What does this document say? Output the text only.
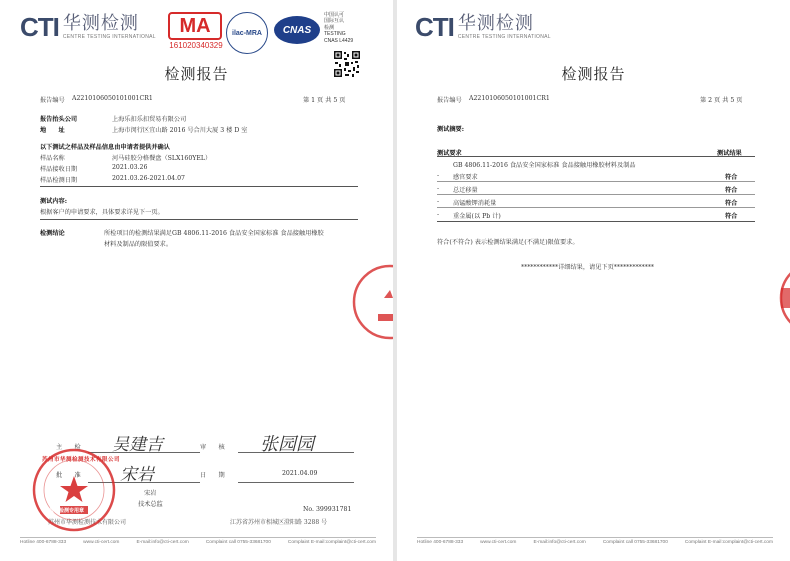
CTI 华测检测
CENTRE TESTING INTERNATIONAL
MA
161020340329
ilac-MRA	CNAS
中国认可
国际互认
检测
TESTING
CNAS L4429
检测报告
报告编号 A2210106050101001CR1	第 1 页 共 5 页
报告抬头公司	上海乐扣乐扣贸易有限公司
地　　址	上海市闵行区宜山路 2016 号合川大厦 3 楼 D 室
以下测试之样品及样品信息由申请者提供并确认
样品名称	河马硅胶分格餐盘（SLX160YEL）
样品接收日期	2021.03.26
样品检测日期	2021.03.26-2021.04.07
测试内容:
根据客户的申请要求，具体要求详见下一页。
检测结论	所检项目的检测结果满足GB 4806.11-2016 食品安全国家标准 食品接触用橡胶
材料及制品的限值要求。
主　　检 吴建吉	审　　核 张园园
批　　准 宋岩	日　　期	2021.04.09
宋岩
技术总监
No. 399931781
苏州市华测检测技术有限公司	江苏省苏州市相城区澄阳路 3288 号
苏州市华测检测技术有限公司
检验检测专用章
Hotline 400-6788-333	www.cti-cert.com	E-mail:info@cti-cert.com	Complaint call 0755-33681700	Complaint E-mail:complaint@cti-cert.com
CTI 华测检测
CENTRE TESTING INTERNATIONAL
检测报告
报告编号 A2210106050101001CR1	第 2 页 共 5 页
测试摘要:
测试要求	测试结果
GB 4806.11-2016 食品安全国家标准 食品接触用橡胶材料及制品
- 感官要求	符合
- 总迁移量	符合
- 高锰酸钾消耗量	符合
- 重金属(以 Pb 计)	符合
符合(不符合) 表示检测结果满足(不满足)限值要求。
************详细结果，请见下页*************
Hotline 400-6788-333	www.cti-cert.com	E-mail:info@cti-cert.com	Complaint call 0755-33681700	Complaint E-mail:complaint@cti-cert.com
